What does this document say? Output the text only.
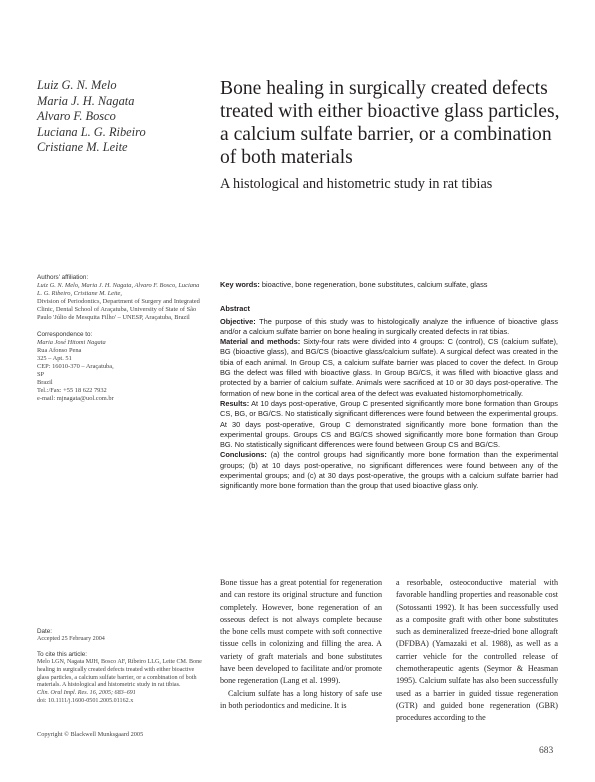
Luiz G. N. Melo
Maria J. H. Nagata
Alvaro F. Bosco
Luciana L. G. Ribeiro
Cristiane M. Leite
Bone healing in surgically created defects treated with either bioactive glass particles, a calcium sulfate barrier, or a combination of both materials
A histological and histometric study in rat tibias
Authors' affiliation:
Luiz G. N. Melo, Maria J. H. Nagata, Alvaro F. Bosco, Luciana L. G. Ribeiro, Cristiane M. Leite,
Division of Periodontics, Department of Surgery and Integrated Clinic, Dental School of Araçatuba, University of State of São Paulo 'Júlio de Mesquita Filho' – UNESP, Araçatuba, Brazil
Correspondence to:
Maria José Hitomi Nagata
Rua Afonso Pena
325 – Apt. 51
CEP: 16010-370 – Araçatuba,
SP
Brazil
Tel.:/Fax: +55 18 622 7932
e-mail: mjnagata@uol.com.br
Date:
Accepted 25 February 2004
To cite this article:
Melo LGN, Nagata MJH, Bosco AF, Ribeiro LLG, Leite CM. Bone healing in surgically created defects treated with either bioactive glass particles, a calcium sulfate barrier, or a combination of both materials. A histological and histometric study in rat tibias.
Clin. Oral Impl. Res. 16, 2005; 683–691
doi: 10.1111/j.1600-0501.2005.01162.x
Copyright © Blackwell Munksgaard 2005
Key words: bioactive, bone regeneration, bone substitutes, calcium sulfate, glass
Abstract

Objective: The purpose of this study was to histologically analyze the influence of bioactive glass and/or a calcium sulfate barrier on bone healing in surgically created defects in rat tibias.

Material and methods: Sixty-four rats were divided into 4 groups: C (control), CS (calcium sulfate), BG (bioactive glass), and BG/CS (bioactive glass/calcium sulfate). A surgical defect was created in the tibia of each animal. In Group CS, a calcium sulfate barrier was placed to cover the defect. In Group BG the defect was filled with bioactive glass. In Group BG/CS, it was filled with bioactive glass and protected by a barrier of calcium sulfate. Animals were sacrificed at 10 or 30 days post-operative. The formation of new bone in the cortical area of the defect was evaluated histomorphometrically.

Results: At 10 days post-operative, Group C presented significantly more bone formation than Groups CS, BG, or BG/CS. No statistically significant differences were found between the experimental groups. At 30 days post-operative, Group C demonstrated significantly more bone formation than the experimental groups. Groups CS and BG/CS showed significantly more bone formation than Group BG. No statistically significant differences were found between Group CS and BG/CS.

Conclusions: (a) the control groups had significantly more bone formation than the experimental groups; (b) at 10 days post-operative, no significant differences were found between any of the experimental groups; and (c) at 30 days post-operative, the groups with a calcium sulfate barrier had significantly more bone formation than the group that used bioactive glass only.

Bone tissue has a great potential for regeneration and can restore its original structure and function completely. However, bone regeneration of an osseous defect is not always complete because the bone cells must compete with soft connective tissue cells in colonizing and filling the area. A variety of graft materials and bone substitutes have been developed to facilitate and/or promote bone regeneration (Lang et al. 1999).

Calcium sulfate has a long history of safe use in both periodontics and medicine. It is

a resorbable, osteoconductive material with favorable handling properties and reasonable cost (Sotossanti 1992). It has been successfully used as a composite graft with other bone substitutes such as demineralized freeze-dried bone allograft (DFDBA) (Yamazaki et al. 1988), as well as a carrier vehicle for the controlled release of chemotherapeutic agents (Seymor & Heasman 1995). Calcium sulfate has also been successfully used as a barrier in guided tissue regeneration (GTR) and guided bone regeneration (GBR) procedures according to the

683
